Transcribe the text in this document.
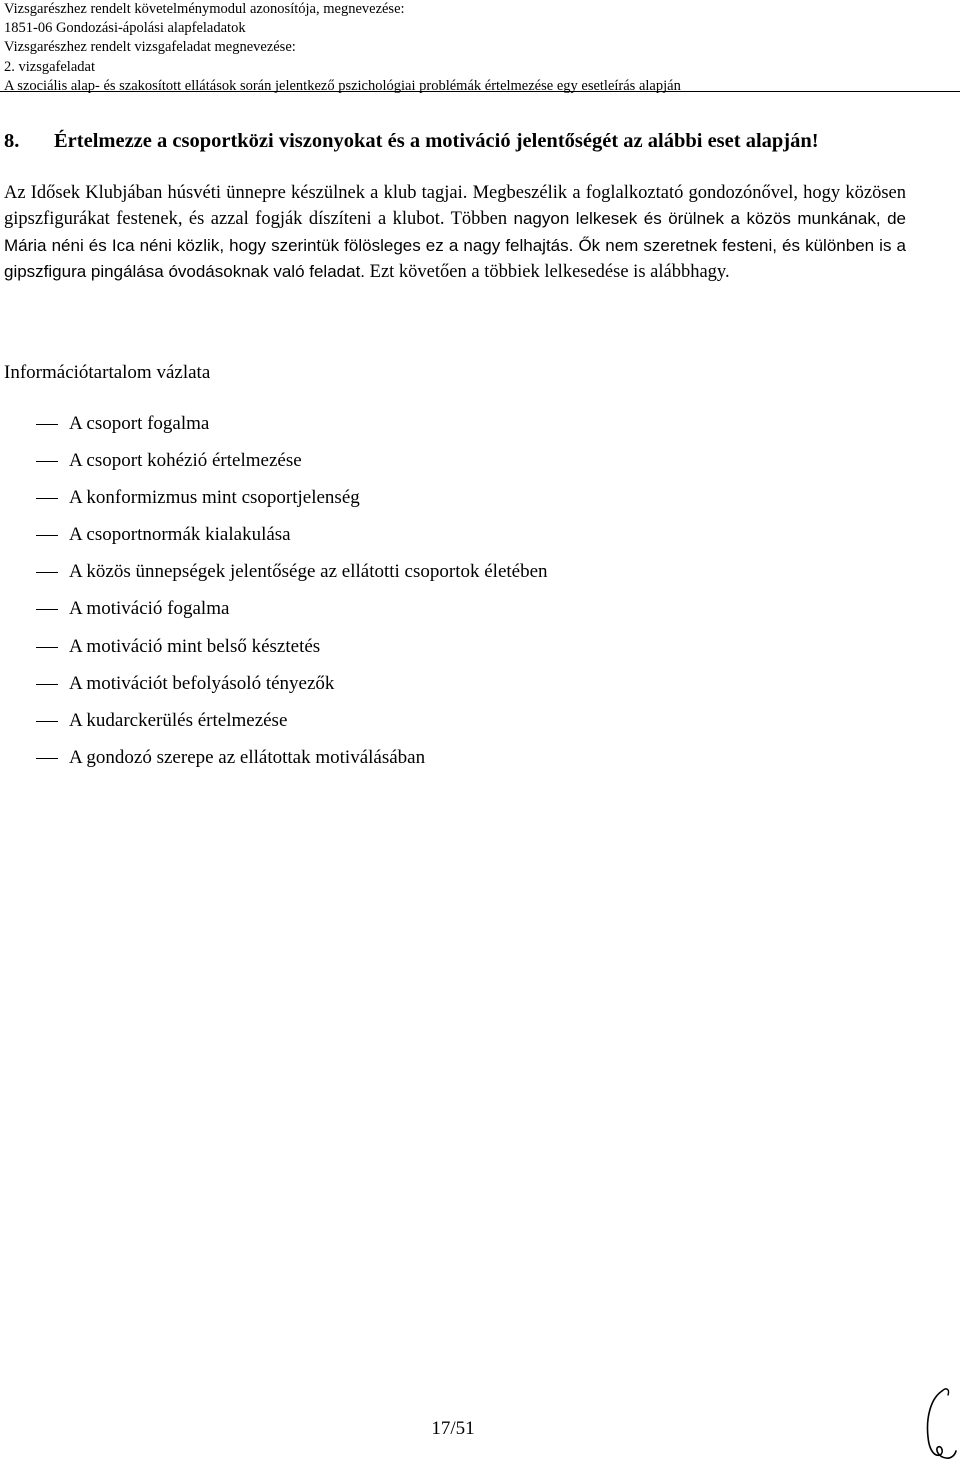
Vizsgarészhez rendelt követelménymodul azonosítója, megnevezése:
1851-06 Gondozási-ápolási alapfeladatok
Vizsgarészhez rendelt vizsgafeladat megnevezése:
2. vizsgafeladat
A szociális alap- és szakosított ellátások során jelentkező pszichológiai problémák értelmezése egy esetleírás alapján
8. Értelmezze a csoportközi viszonyokat és a motiváció jelentőségét az alábbi eset alapján!
Az Idősek Klubjában húsvéti ünnepre készülnek a klub tagjai. Megbeszélik a foglalkoztató gondozónővel, hogy közösen gipszfigurákat festenek, és azzal fogják díszíteni a klubot. Többen nagyon lelkesek és örülnek a közös munkának, de Mária néni és Ica néni közlik, hogy szerintük fölösleges ez a nagy felhajtás. Ők nem szeretnek festeni, és különben is a gipszfigura pingálása óvodásoknak való feladat. Ezt követően a többiek lelkesedése is alábbhagy.
Információtartalom vázlata
A csoport fogalma
A csoport kohézió értelmezése
A konformizmus mint csoportjelenség
A csoportnormák kialakulása
A közös ünnepségek jelentősége az ellátotti csoportok életében
A motiváció fogalma
A motiváció mint belső késztetés
A motivációt befolyásoló tényezők
A kudarckerülés értelmezése
A gondozó szerepe az ellátottak motiválásában
17/51
